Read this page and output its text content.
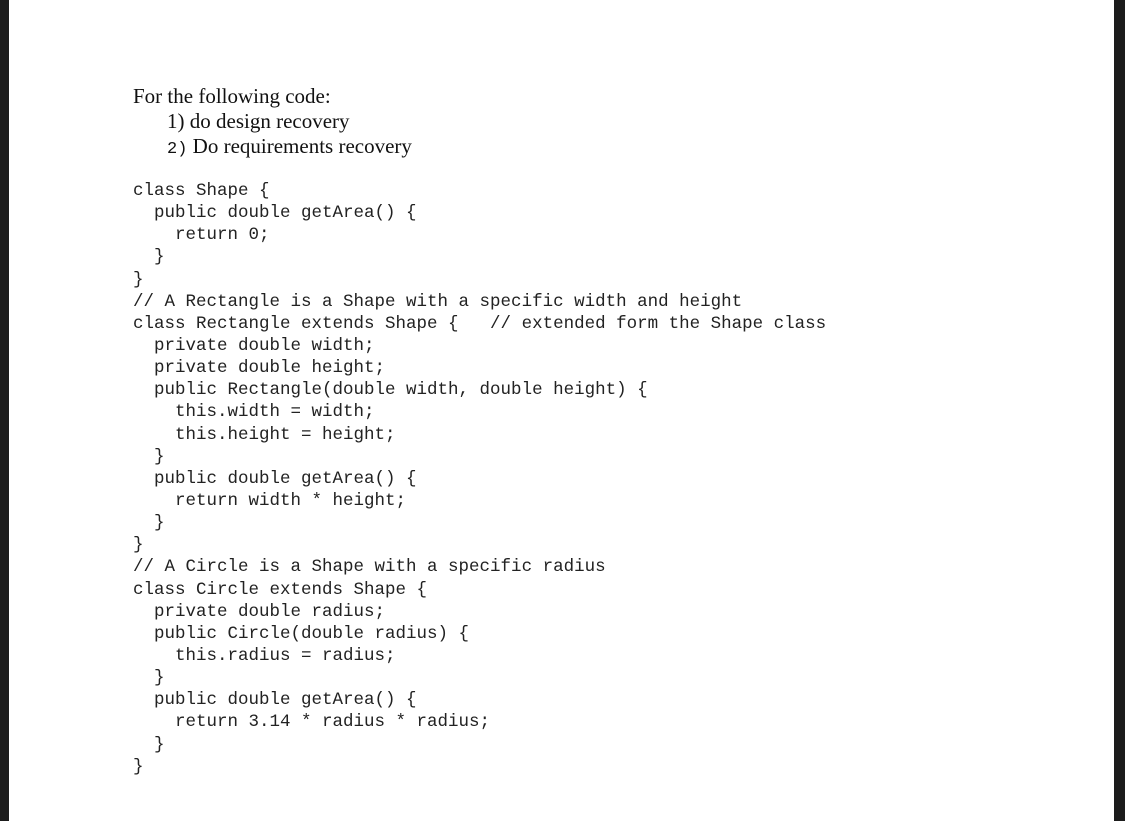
For the following code:
1) do design recovery
2) Do requirements recovery
class Shape {
public double getArea() {
return 0;
}
}
// A Rectangle is a Shape with a specific width and height
class Rectangle extends Shape {   // extended form the Shape class
private double width;
private double height;
public Rectangle(double width, double height) {
this.width = width;
this.height = height;
}
public double getArea() {
return width * height;
}
}
// A Circle is a Shape with a specific radius
class Circle extends Shape {
private double radius;
public Circle(double radius) {
this.radius = radius;
}
public double getArea() {
return 3.14 * radius * radius;
}
}
